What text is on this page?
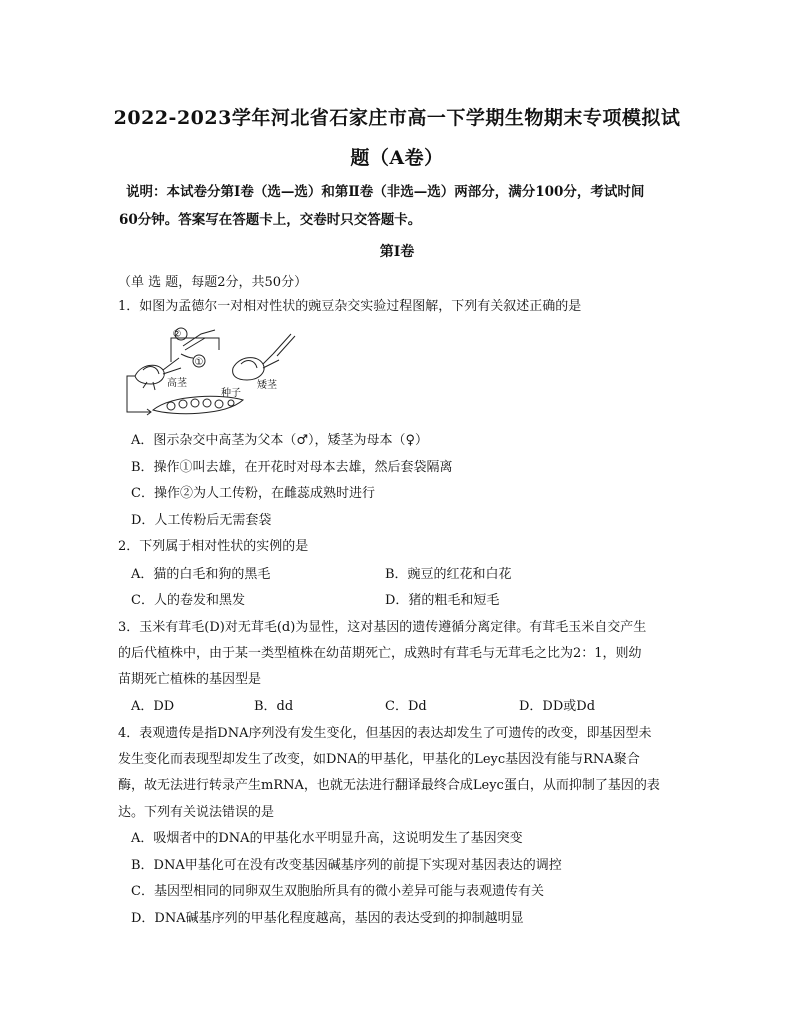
2022-2023学年河北省石家庄市高一下学期生物期末专项模拟试
题（A卷）
说明：本试卷分第Ⅰ卷（选—选）和第Ⅱ卷（非选—选）两部分，满分100分，考试时间
60分钟。答案写在答题卡上，交卷时只交答题卡。
第Ⅰ卷
（单 选 题，每题2分，共50分）
1．如图为孟德尔一对相对性状的豌豆杂交实验过程图解，下列有关叙述正确的是
②
①
高茎
种子
矮茎
A．图示杂交中高茎为父本（♂），矮茎为母本（♀）
B．操作①叫去雄，在开花时对母本去雄，然后套袋隔离
C．操作②为人工传粉，在雌蕊成熟时进行
D．人工传粉后无需套袋
2．下列属于相对性状的实例的是
A．猫的白毛和狗的黑毛	B．豌豆的红花和白花
C．人的卷发和黑发	D．猪的粗毛和短毛
3．玉米有茸毛(D)对无茸毛(d)为显性，这对基因的遗传遵循分离定律。有茸毛玉米自交产生
的后代植株中，由于某一类型植株在幼苗期死亡，成熟时有茸毛与无茸毛之比为2：1，则幼
苗期死亡植株的基因型是
A．DD	B．dd	C．Dd	D．DD或Dd
4．表观遗传是指DNA序列没有发生变化，但基因的表达却发生了可遗传的改变，即基因型未
发生变化而表现型却发生了改变，如DNA的甲基化，甲基化的Leyc基因没有能与RNA聚合
酶，故无法进行转录产生mRNA，也就无法进行翻译最终合成Leyc蛋白，从而抑制了基因的表
达。下列有关说法错误的是
A．吸烟者中的DNA的甲基化水平明显升高，这说明发生了基因突变
B．DNA甲基化可在没有改变基因碱基序列的前提下实现对基因表达的调控
C．基因型相同的同卵双生双胞胎所具有的微小差异可能与表观遗传有关
D．DNA碱基序列的甲基化程度越高，基因的表达受到的抑制越明显
